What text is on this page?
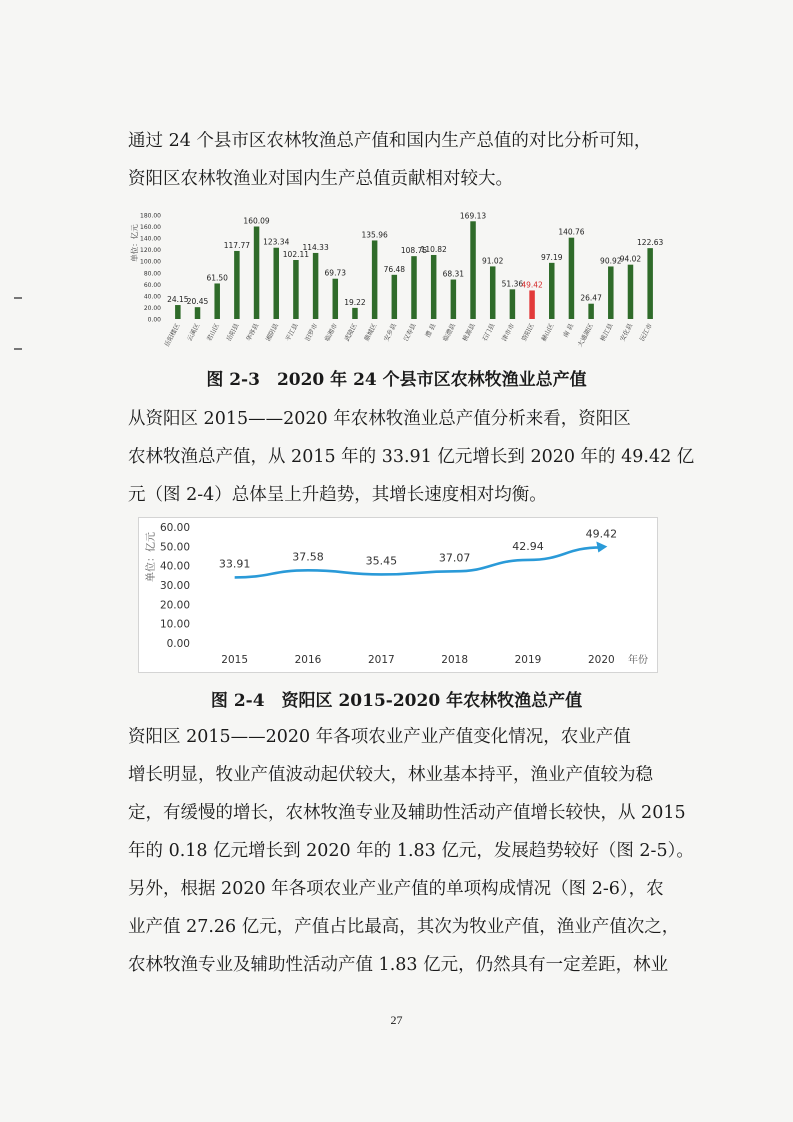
通过 24 个县市区农林牧渔总产值和国内生产总值的对比分析可知，
资阳区农林牧渔业对国内生产总值贡献相对较大。

单位：亿元
180.00
160.00
140.00
120.00
100.00
80.00
60.00
40.00
20.00
0.00
24.15
岳阳楼区
20.45
云溪区
61.50
君山区
117.77
岳阳县
160.09
华容县
123.34
湘阴县
102.11
平江县
114.33
汨罗市
69.73
临湘市
19.22
武陵区
135.96
鼎城区
76.48
安乡县
108.75
汉寿县
110.82
澧 县
68.31
临澧县
169.13
桃源县
91.02
石门县
51.36
津市市
49.42
资阳区
97.19
赫山区
140.76
南 县
26.47
大通湖区
90.92
桃江县
94.02
安化县
122.63
沅江市
图 2-3　2020 年 24 个县市区农林牧渔业总产值

从资阳区 2015——2020 年农林牧渔业总产值分析来看，资阳区
农林牧渔总产值，从 2015 年的 33.91 亿元增长到 2020 年的 49.42 亿
元（图 2-4）总体呈上升趋势，其增长速度相对均衡。

单位：亿元
60.00
50.00
40.00
30.00
20.00
10.00
0.00
33.91
37.58	35.45	37.07
42.94
49.42
2015	2016	2017	2018	2019	2020 年份
图 2-4　资阳区 2015-2020 年农林牧渔总产值

资阳区 2015——2020 年各项农业产业产值变化情况，农业产值
增长明显，牧业产值波动起伏较大，林业基本持平，渔业产值较为稳
定，有缓慢的增长，农林牧渔专业及辅助性活动产值增长较快，从 2015
年的 0.18 亿元增长到 2020 年的 1.83 亿元，发展趋势较好（图 2-5）。
另外，根据 2020 年各项农业产业产值的单项构成情况（图 2-6），农
业产值 27.26 亿元，产值占比最高，其次为牧业产值，渔业产值次之，
农林牧渔专业及辅助性活动产值 1.83 亿元，仍然具有一定差距，林业

27
